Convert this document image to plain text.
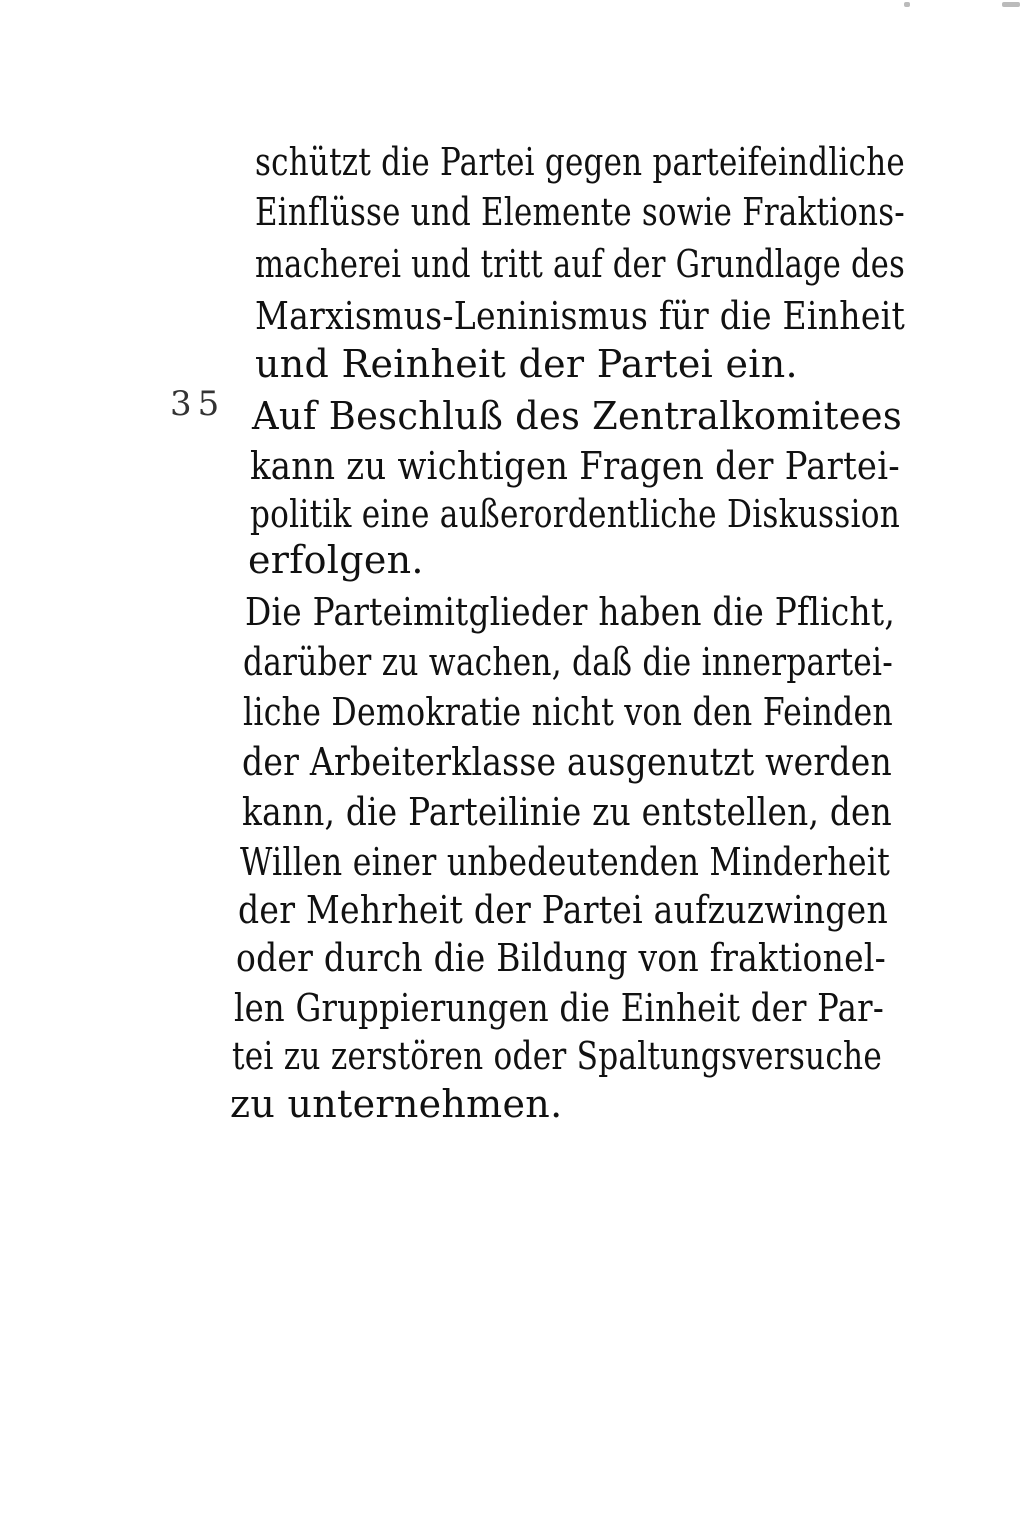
35
schützt die Partei gegen parteifeindliche
Einflüsse und Elemente sowie Fraktions-
macherei und tritt auf der Grundlage des
Marxismus-Leninismus für die Einheit
und Reinheit der Partei ein.
Auf Beschluß des Zentralkomitees
kann zu wichtigen Fragen der Partei-
politik eine außerordentliche Diskussion
erfolgen.
Die Parteimitglieder haben die Pflicht,
darüber zu wachen, daß die innerpartei-
liche Demokratie nicht von den Feinden
der Arbeiterklasse ausgenutzt werden
kann, die Parteilinie zu entstellen, den
Willen einer unbedeutenden Minderheit
der Mehrheit der Partei aufzuzwingen
oder durch die Bildung von fraktionel-
len Gruppierungen die Einheit der Par-
tei zu zerstören oder Spaltungsversuche
zu unternehmen.
